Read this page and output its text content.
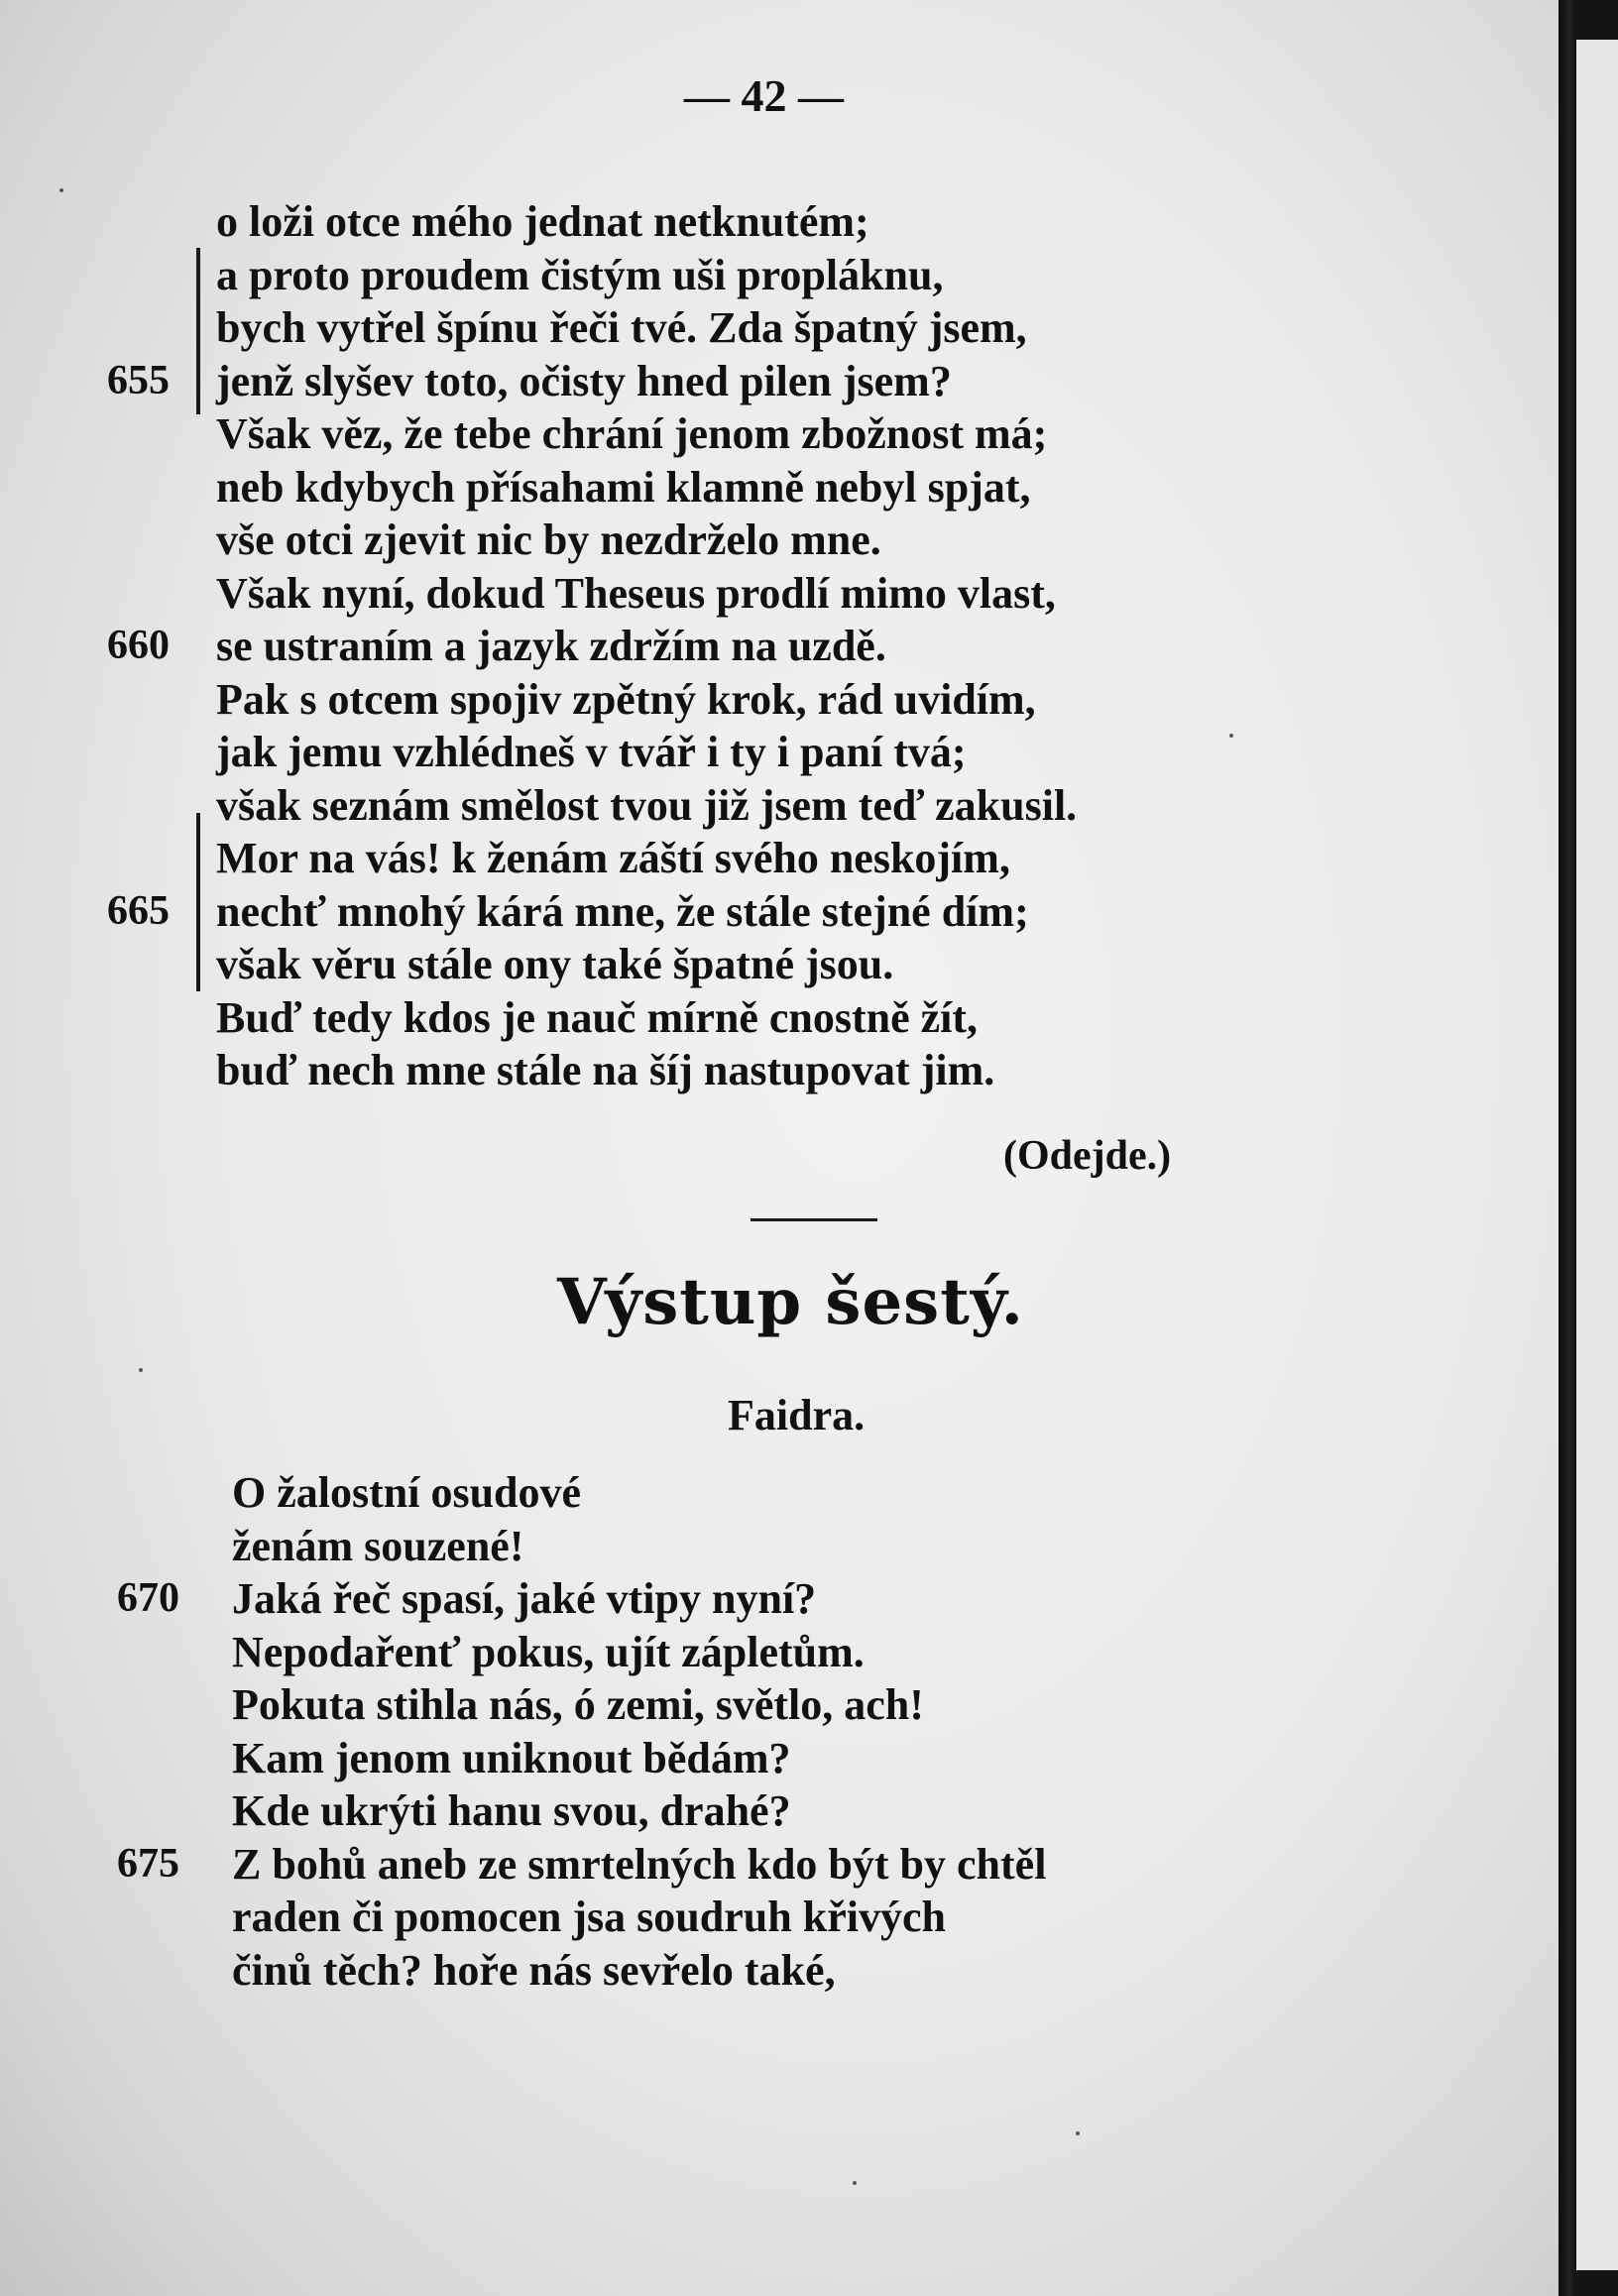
— 42 —
(Odejde.)
Výstup šestý.
Faidra.
o loži otce mého jednat netknutém;
a proto proudem čistým uši propláknu,
bych vytřel špínu řeči tvé. Zda špatný jsem,
jenž slyšev toto, očisty hned pilen jsem?
655
Však věz, že tebe chrání jenom zbožnost má;
neb kdybych přísahami klamně nebyl spjat,
vše otci zjevit nic by nezdrželo mne.
Však nyní, dokud Theseus prodlí mimo vlast,
se ustraním a jazyk zdržím na uzdě.
660
Pak s otcem spojiv zpětný krok, rád uvidím,
jak jemu vzhlédneš v tvář i ty i paní tvá;
však seznám smělost tvou již jsem teď zakusil.
Mor na vás! k ženám záští svého neskojím,
nechť mnohý kárá mne, že stále stejné dím;
665
však věru stále ony také špatné jsou.
Buď tedy kdos je nauč mírně cnostně žít,
buď nech mne stále na šíj nastupovat jim.
O žalostní osudové
ženám souzené!
Jaká řeč spasí, jaké vtipy nyní?
670
Nepodařenť pokus, ujít zápletům.
Pokuta stihla nás, ó zemi, světlo, ach!
Kam jenom uniknout bědám?
Kde ukrýti hanu svou, drahé?
Z bohů aneb ze smrtelných kdo být by chtěl
675
raden či pomocen jsa soudruh křivých
činů těch? hoře nás sevřelo také,
